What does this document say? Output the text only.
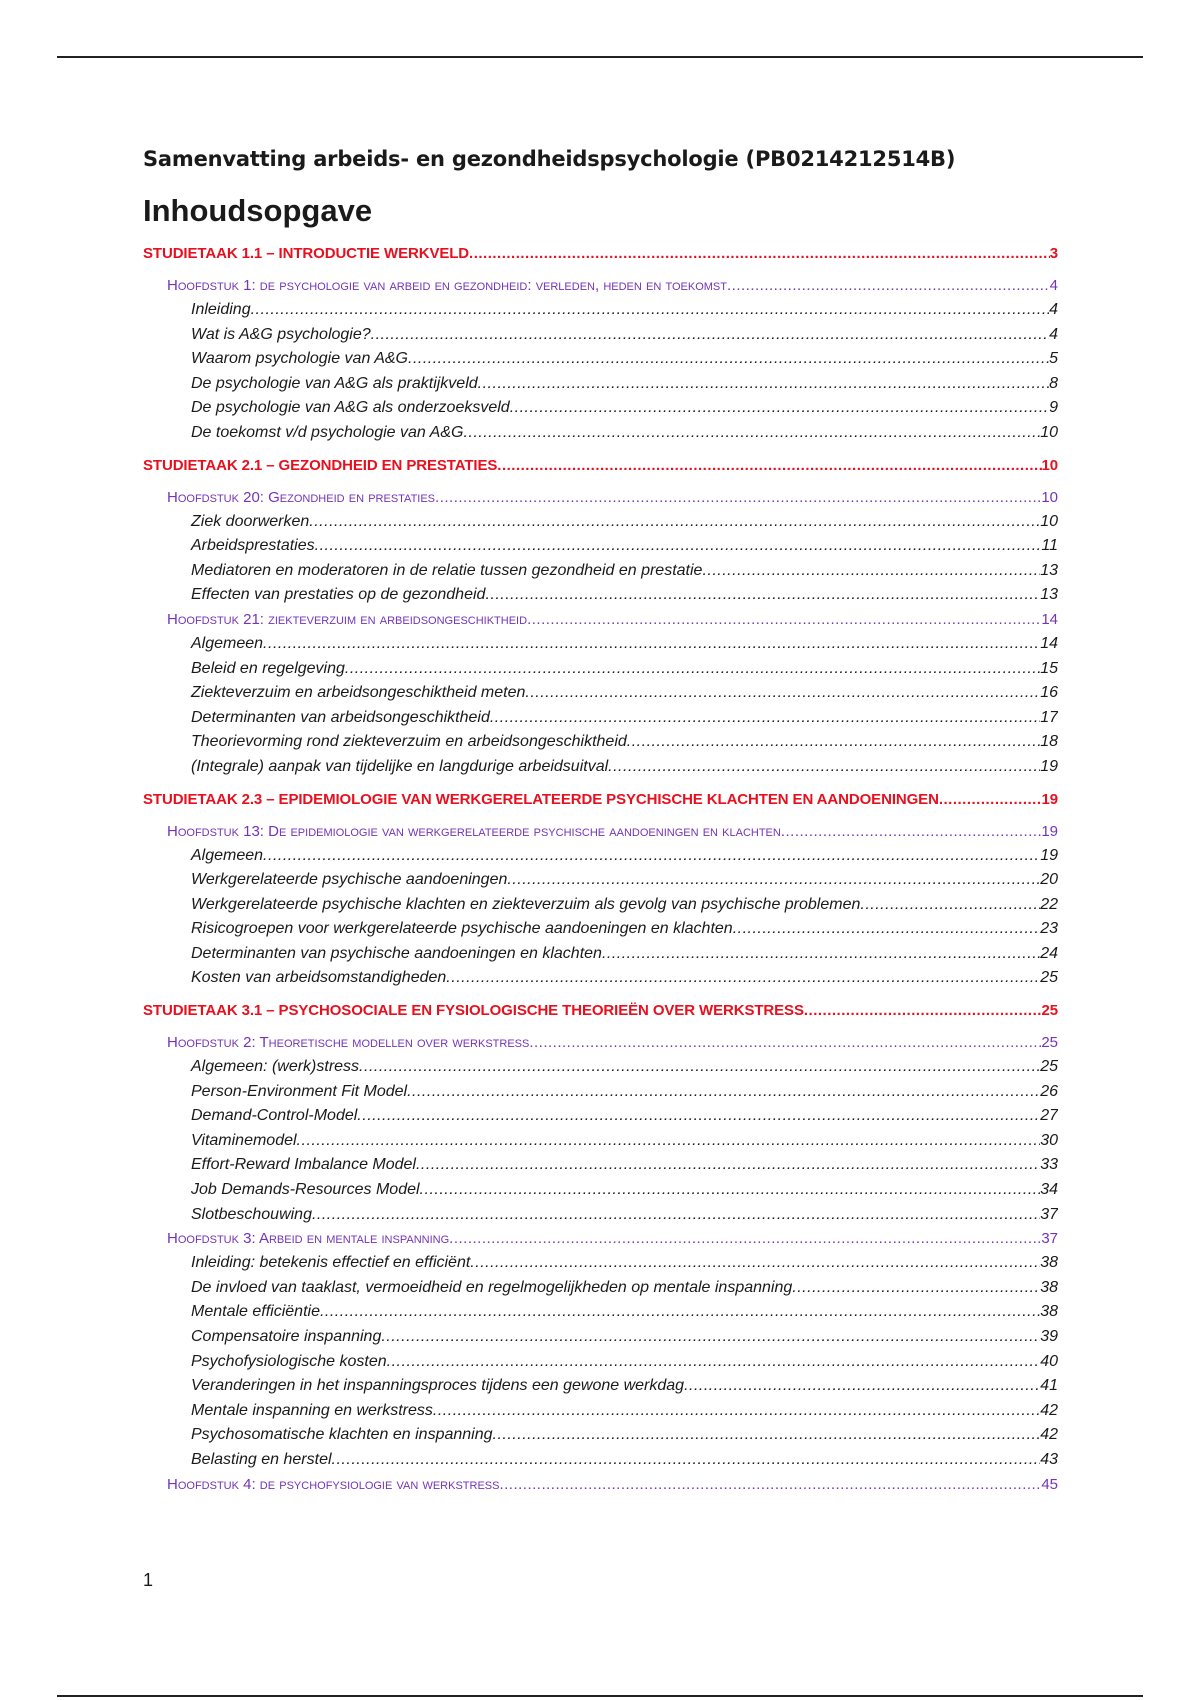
Samenvatting arbeids- en gezondheidspsychologie (PB0214212514B)
Inhoudsopgave
STUDIETAAK 1.1 – INTRODUCTIE WERKVELD .....	3
Hoofdstuk 1: de psychologie van arbeid en gezondheid: verleden, heden en toekomst .....	4
Inleiding .....	4
Wat is A&G psychologie? .....	4
Waarom psychologie van A&G .....	5
De psychologie van A&G als praktijkveld .....	8
De psychologie van A&G als onderzoeksveld .....	9
De toekomst v/d psychologie van A&G .....	10
STUDIETAAK 2.1 – GEZONDHEID EN PRESTATIES .....	10
Hoofdstuk 20: Gezondheid en prestaties .....	10
Ziek doorwerken .....	10
Arbeidsprestaties .....	11
Mediatoren en moderatoren in de relatie tussen gezondheid en prestatie .....	13
Effecten van prestaties op de gezondheid .....	13
Hoofdstuk 21: ziekteverzuim en arbeidsongeschiktheid .....	14
Algemeen .....	14
Beleid en regelgeving .....	15
Ziekteverzuim en arbeidsongeschiktheid meten .....	16
Determinanten van arbeidsongeschiktheid .....	17
Theorievorming rond ziekteverzuim en arbeidsongeschiktheid .....	18
(Integrale) aanpak van tijdelijke en langdurige arbeidsuitval .....	19
STUDIETAAK 2.3 – EPIDEMIOLOGIE VAN WERKGERELATEERDE PSYCHISCHE KLACHTEN EN AANDOENINGEN .....	19
Hoofdstuk 13: De epidemiologie van werkgerelateerde psychische aandoeningen en klachten .....	19
Algemeen .....	19
Werkgerelateerde psychische aandoeningen .....	20
Werkgerelateerde psychische klachten en ziekteverzuim als gevolg van psychische problemen .....	22
Risicogroepen voor werkgerelateerde psychische aandoeningen en klachten .....	23
Determinanten van psychische aandoeningen en klachten .....	24
Kosten van arbeidsomstandigheden .....	25
STUDIETAAK 3.1 – PSYCHOSOCIALE EN FYSIOLOGISCHE THEORIEËN OVER WERKSTRESS .....	25
Hoofdstuk 2: Theoretische modellen over werkstress .....	25
Algemeen: (werk)stress .....	25
Person-Environment Fit Model .....	26
Demand-Control-Model .....	27
Vitaminemodel .....	30
Effort-Reward Imbalance Model .....	33
Job Demands-Resources Model .....	34
Slotbeschouwing .....	37
Hoofdstuk 3: Arbeid en mentale inspanning .....	37
Inleiding: betekenis effectief en efficiënt .....	38
De invloed van taaklast, vermoeidheid en regelmogelijkheden op mentale inspanning .....	38
Mentale efficiëntie .....	38
Compensatoire inspanning .....	39
Psychofysiologische kosten .....	40
Veranderingen in het inspanningsproces tijdens een gewone werkdag .....	41
Mentale inspanning en werkstress .....	42
Psychosomatische klachten en inspanning .....	42
Belasting en herstel .....	43
Hoofdstuk 4: de psychofysiologie van werkstress .....	45
1
